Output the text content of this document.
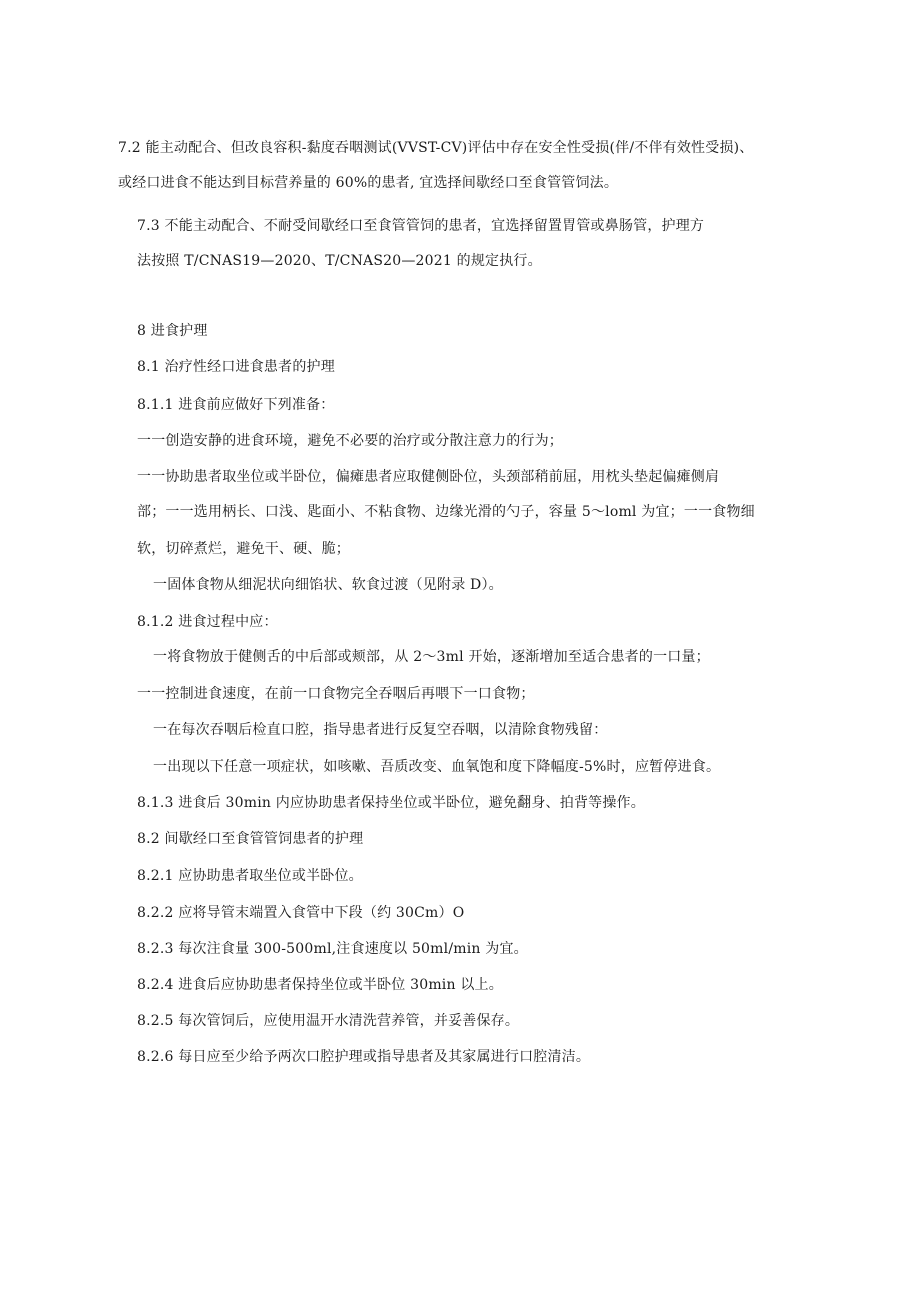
7.2 能主动配合、但改良容积-黏度吞咽测试(VVST-CV)评估中存在安全性受损(伴/不伴有效性受损)、
或经口进食不能达到目标营养量的 60%的患者, 宜选择间歇经口至食管管饲法。
7.3 不能主动配合、不耐受间歇经口至食管管饲的患者，宜选择留置胃管或鼻肠管，护理方
法按照 T/CNAS19—2020、T/CNAS20—2021 的规定执行。
8 进食护理
8.1 治疗性经口进食患者的护理
8.1.1 进食前应做好下列准备：
一一创造安静的进食环境，避免不必要的治疗或分散注意力的行为；
一一协助患者取坐位或半卧位，偏瘫患者应取健侧卧位，头颈部稍前屈，用枕头垫起偏瘫侧肩
部；一一选用柄长、口浅、匙面小、不粘食物、边缘光滑的勺子，容量 5～loml 为宜；一一食物细
软，切碎煮烂，避免干、硬、脆；
一固体食物从细泥状向细馅状、软食过渡（见附录 D）。
8.1.2 进食过程中应：
一将食物放于健侧舌的中后部或颊部，从 2～3ml 开始，逐渐增加至适合患者的一口量；
一一控制进食速度，在前一口食物完全吞咽后再喂下一口食物；
一在每次吞咽后检直口腔，指导患者进行反复空吞咽，以清除食物残留：
一出现以下任意一项症状，如咳嗽、吾质改变、血氧饱和度下降幅度-5%时，应暂停进食。
8.1.3 进食后 30min 内应协助患者保持坐位或半卧位，避免翻身、拍背等操作。
8.2 间歇经口至食管管饲患者的护理
8.2.1 应协助患者取坐位或半卧位。
8.2.2 应将导管末端置入食管中下段（约 30Cm）O
8.2.3 每次注食量 300-500ml,注食速度以 50ml/min 为宜。
8.2.4 进食后应协助患者保持坐位或半卧位 30min 以上。
8.2.5 每次管饲后，应使用温开水清洗营养管，并妥善保存。
8.2.6 每日应至少给予两次口腔护理或指导患者及其家属进行口腔清洁。
